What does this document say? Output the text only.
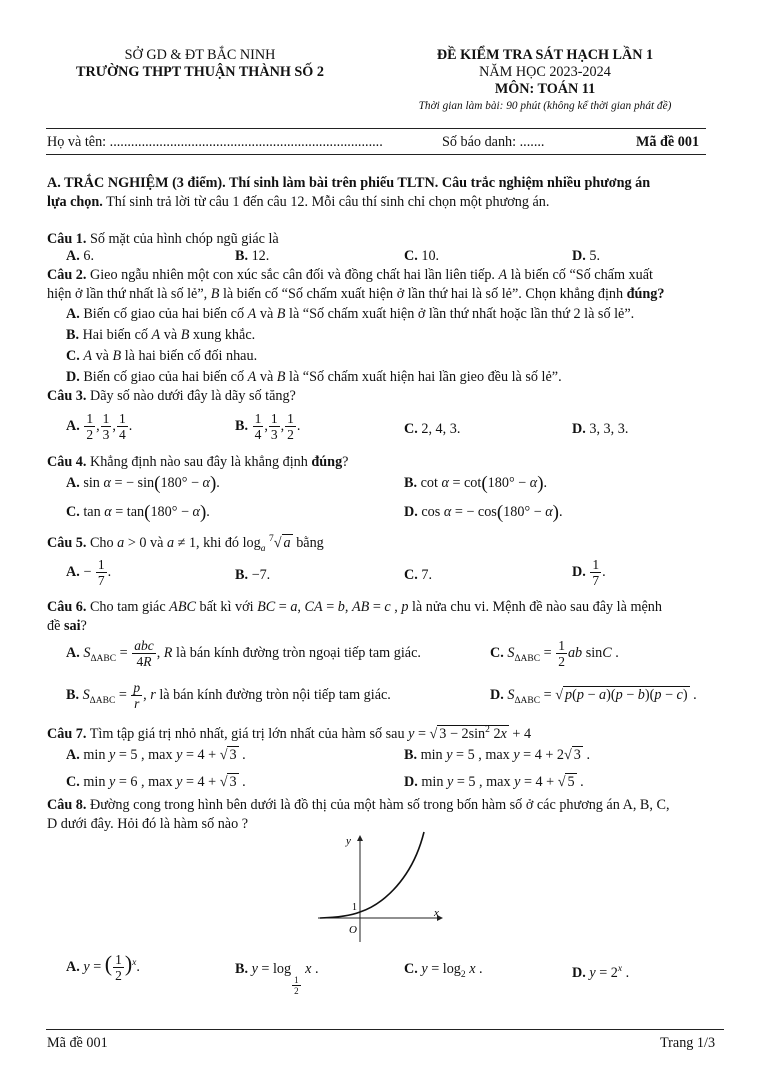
SỞ GD & ĐT BẮC NINH
TRƯỜNG THPT THUẬN THÀNH SỐ 2
ĐỀ KIỂM TRA SÁT HẠCH LẦN 1
NĂM HỌC 2023-2024
MÔN: TOÁN 11
Thời gian làm bài: 90 phút (không kể thời gian phát đề)
Họ và tên: .............................................................................	Số báo danh: .......	Mã đề 001
A. TRẮC NGHIỆM (3 điểm). Thí sinh làm bài trên phiếu TLTN. Câu trắc nghiệm nhiều phương án
lựa chọn. Thí sinh trả lời từ câu 1 đến câu 12. Mỗi câu thí sinh chỉ chọn một phương án.
Câu 1. Số mặt của hình chóp ngũ giác là
A. 6.	B. 12.	C. 10.	D. 5.
Câu 2. Gieo ngẫu nhiên một con xúc sắc cân đối và đồng chất hai lần liên tiếp. A là biến cố “Số chấm xuất
hiện ở lần thứ nhất là số lẻ”, B là biến cố “Số chấm xuất hiện ở lần thứ hai là số lẻ”. Chọn khẳng định đúng?
A. Biến cố giao của hai biến cố A và B là “Số chấm xuất hiện ở lần thứ nhất hoặc lần thứ 2 là số lẻ”.
B. Hai biến cố A và B xung khắc.
C. A và B là hai biến cố đối nhau.
D. Biến cố giao của hai biến cố A và B là “Số chấm xuất hiện hai lần gieo đều là số lẻ”.
Câu 3. Dãy số nào dưới đây là dãy số tăng?
A. $\frac{1}{2}$ , $\frac{1}{3}$ , $\frac{1}{4}$ .	B. $\frac{1}{4}$ , $\frac{1}{3}$ , $\frac{1}{2}$ .	C. 2, 4, 3.	D. 3, 3, 3.
Câu 4. Khẳng định nào sau đây là khẳng định đúng?
A. sin α = − sin(180° − α).	B. cot α = cot(180° − α).
C. tan α = tan(180° − α).	D. cos α = − cos(180° − α).
Câu 5. Cho a > 0 và a ≠ 1, khi đó $\log_a ^7√$ a bằng
A. − $\frac{1}{7}$ .	B. −7.	C. 7.	D. $\frac{1}{7}$ .
Câu 6. Cho tam giác ABC bất kì với BC = a, CA = b, AB = c , p là nửa chu vi. Mệnh đề nào sau đây là mệnh
đề sai?
A. $S_{\Delta ABC} = \frac{\text{abc}}{4R}$ , R là bán kính đường tròn ngoại tiếp tam giác.	C. $S_{\Delta ABC} = \frac{1}{2}$ ab sinC .
B. $S_{\Delta ABC} = \frac{p}{r}$ , r là bán kính đường tròn nội tiếp tam giác.	D. $S_{\Delta ABC}$ = √ p(p − a)(p − b)(p − c) .
Câu 7. Tìm tập giá trị nhỏ nhất, giá trị lớn nhất của hàm số sau y = √ $3 - 2\sin^2$ 2x + 4
A. min y = 5 , max y = 4 + √ 3 .	B. min y = 5 , max y = 4 + 2√ 3 .
C. min y = 6 , max y = 4 + √ 3 .	D. min y = 5 , max y = 4 + √ 5 .
Câu 8. Đường cong trong hình bên dưới là đồ thị của một hàm số trong bốn hàm số ở các phương án A, B, C,
D dưới đây. Hỏi đó là hàm số nào ?
y
x
O
1
A. y = ( $\frac{1}{2} )^x$.	B. y = log
$\frac{1}{2}$
x .	C. $y = \log_2 x$ .	D. $y = 2^x$ .
Mã đề 001	Trang 1/3
